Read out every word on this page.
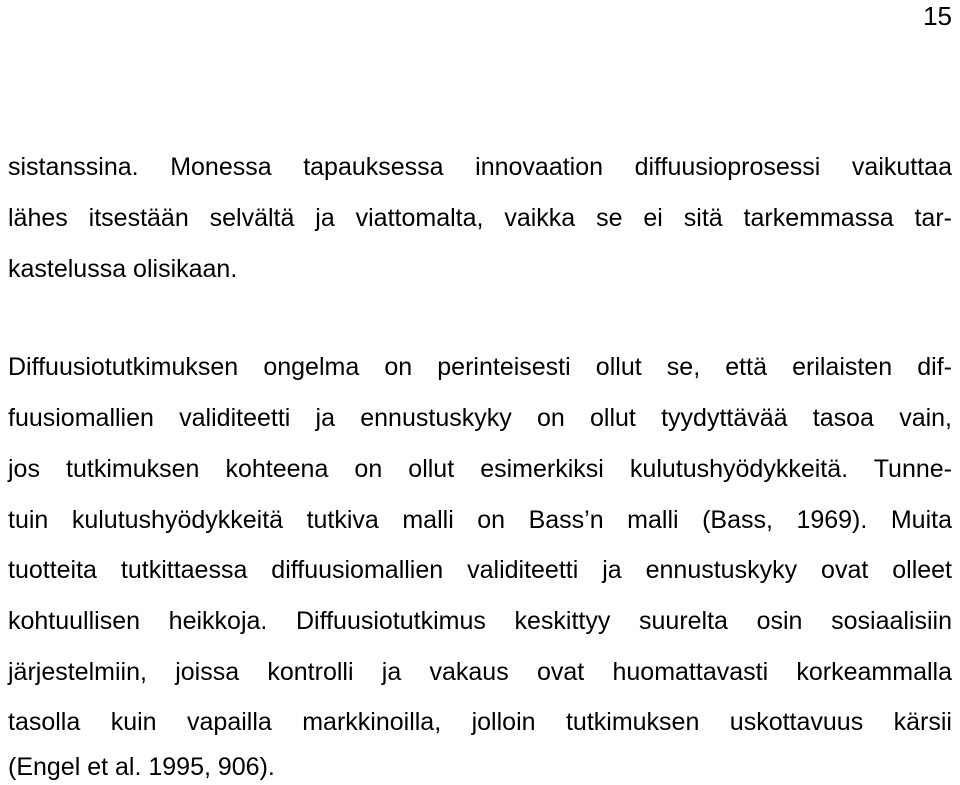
15
sistanssina. Monessa tapauksessa innovaation diffuusioprosessi vaikuttaa
lähes itsestään selvältä ja viattomalta, vaikka se ei sitä tarkemmassa tar-
kastelussa olisikaan.
Diffuusiotutkimuksen ongelma on perinteisesti ollut se, että erilaisten dif-
fuusiomallien validiteetti ja ennustuskyky on ollut tyydyttävää tasoa vain,
jos tutkimuksen kohteena on ollut esimerkiksi kulutushyödykkeitä. Tunne-
tuin kulutushyödykkeitä tutkiva malli on Bass’n malli (Bass, 1969). Muita
tuotteita tutkittaessa diffuusiomallien validiteetti ja ennustuskyky ovat olleet
kohtuullisen heikkoja. Diffuusiotutkimus keskittyy suurelta osin sosiaalisiin
järjestelmiin, joissa kontrolli ja vakaus ovat huomattavasti korkeammalla
tasolla kuin vapailla markkinoilla, jolloin tutkimuksen uskottavuus kärsii
(Engel et al. 1995, 906).
